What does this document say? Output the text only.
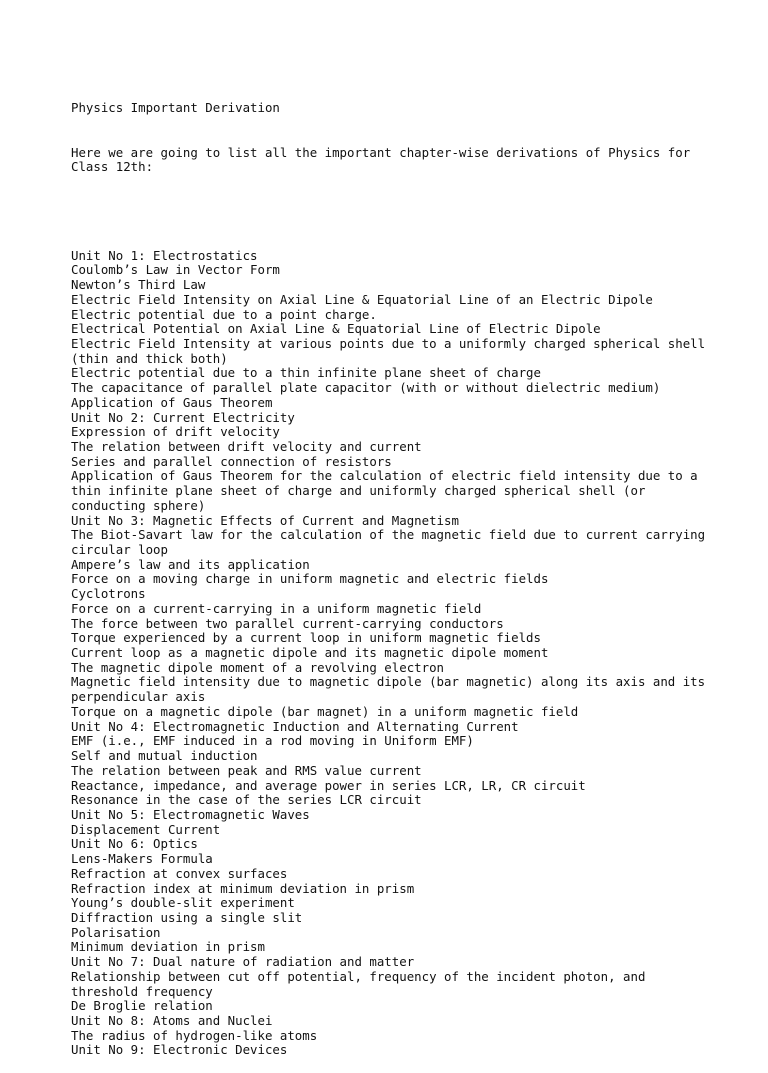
Physics Important Derivation

Here we are going to list all the important chapter-wise derivations of Physics for Class 12th:

Unit No 1: Electrostatics
Coulomb’s Law in Vector Form
Newton’s Third Law
Electric Field Intensity on Axial Line & Equatorial Line of an Electric Dipole
Electric potential due to a point charge.
Electrical Potential on Axial Line & Equatorial Line of Electric Dipole
Electric Field Intensity at various points due to a uniformly charged spherical shell (thin and thick both)
Electric potential due to a thin infinite plane sheet of charge
The capacitance of parallel plate capacitor (with or without dielectric medium)
Application of Gaus Theorem
Unit No 2: Current Electricity
Expression of drift velocity
The relation between drift velocity and current
Series and parallel connection of resistors
Application of Gaus Theorem for the calculation of electric field intensity due to a thin infinite plane sheet of charge and uniformly charged spherical shell (or conducting sphere)
Unit No 3: Magnetic Effects of Current and Magnetism
The Biot-Savart law for the calculation of the magnetic field due to current carrying circular loop
Ampere’s law and its application
Force on a moving charge in uniform magnetic and electric fields
Cyclotrons
Force on a current-carrying in a uniform magnetic field
The force between two parallel current-carrying conductors
Torque experienced by a current loop in uniform magnetic fields
Current loop as a magnetic dipole and its magnetic dipole moment
The magnetic dipole moment of a revolving electron
Magnetic field intensity due to magnetic dipole (bar magnetic) along its axis and its perpendicular axis
Torque on a magnetic dipole (bar magnet) in a uniform magnetic field
Unit No 4: Electromagnetic Induction and Alternating Current
EMF (i.e., EMF induced in a rod moving in Uniform EMF)
Self and mutual induction
The relation between peak and RMS value current
Reactance, impedance, and average power in series LCR, LR, CR circuit
Resonance in the case of the series LCR circuit
Unit No 5: Electromagnetic Waves
Displacement Current
Unit No 6: Optics
Lens-Makers Formula
Refraction at convex surfaces
Refraction index at minimum deviation in prism
Young’s double-slit experiment
Diffraction using a single slit
Polarisation
Minimum deviation in prism
Unit No 7: Dual nature of radiation and matter
Relationship between cut off potential, frequency of the incident photon, and threshold frequency
De Broglie relation
Unit No 8: Atoms and Nuclei
The radius of hydrogen-like atoms
Unit No 9: Electronic Devices
